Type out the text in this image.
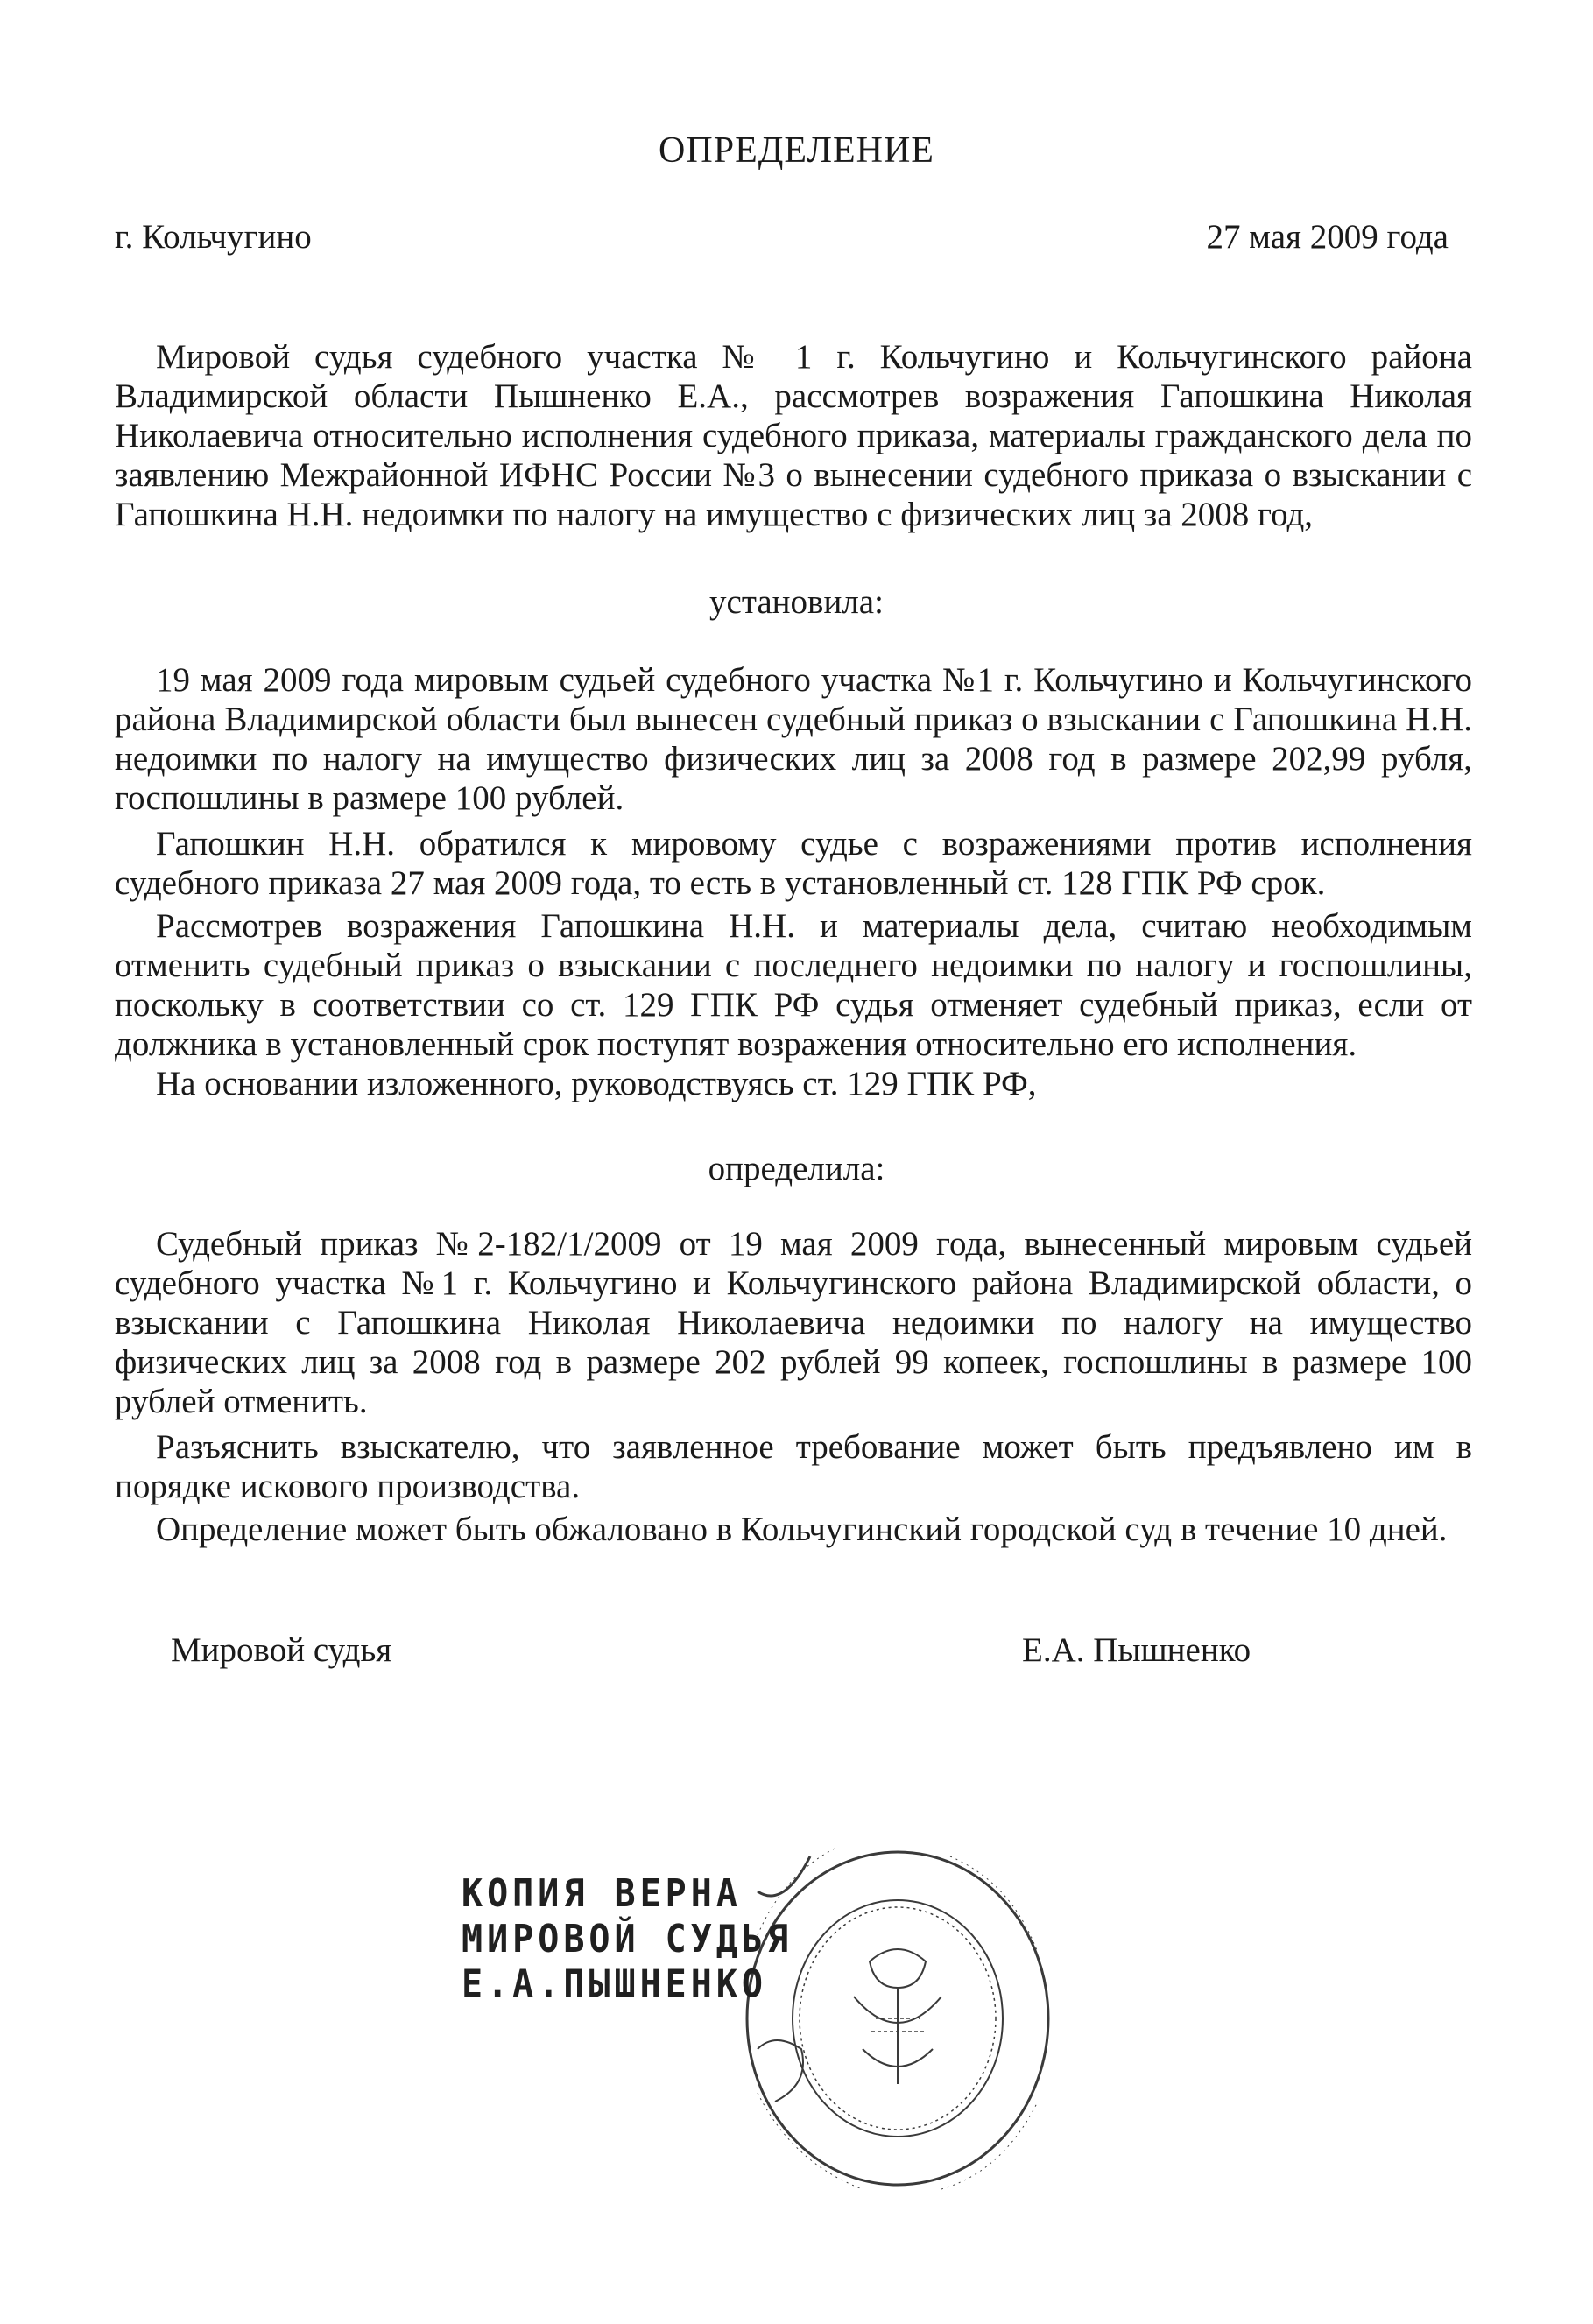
ОПРЕДЕЛЕНИЕ
г. Кольчугино	27 мая 2009 года

Мировой судья судебного участка № 1 г. Кольчугино и Кольчугинского района Владимирской области Пышненко Е.А., рассмотрев возражения Гапошкина Николая Николаевича относительно исполнения судебного приказа, материалы гражданского дела по заявлению Межрайонной ИФНС России №3 о вынесении судебного приказа о взыскании с Гапошкина Н.Н. недоимки по налогу на имущество с физических лиц за 2008 год,

установила:

19 мая 2009 года мировым судьей судебного участка №1 г. Кольчугино и Кольчугинского района Владимирской области был вынесен судебный приказ о взыскании с Гапошкина Н.Н. недоимки по налогу на имущество физических лиц за 2008 год в размере 202,99 рубля, госпошлины в размере 100 рублей.

Гапошкин Н.Н. обратился к мировому судье с возражениями против исполнения судебного приказа 27 мая 2009 года, то есть в установленный ст. 128 ГПК РФ срок.

Рассмотрев возражения Гапошкина Н.Н. и материалы дела, считаю необходимым отменить судебный приказ о взыскании с последнего недоимки по налогу и госпошлины, поскольку в соответствии со ст. 129 ГПК РФ судья отменяет судебный приказ, если от должника в установленный срок поступят возражения относительно его исполнения.

На основании изложенного, руководствуясь ст. 129 ГПК РФ,

определила:

Судебный приказ №2-182/1/2009 от 19 мая 2009 года, вынесенный мировым судьей судебного участка №1 г. Кольчугино и Кольчугинского района Владимирской области, о взыскании с Гапошкина Николая Николаевича недоимки по налогу на имущество физических лиц за 2008 год в размере 202 рублей 99 копеек, госпошлины в размере 100 рублей отменить.

Разъяснить взыскателю, что заявленное требование может быть предъявлено им в порядке искового производства.

Определение может быть обжаловано в Кольчугинский городской суд в течение 10 дней.

Мировой судья	Е.А. Пышненко
КОПИЯ ВЕРНА
МИРОВОЙ СУДЬЯ
Е.А.ПЫШНЕНКО
